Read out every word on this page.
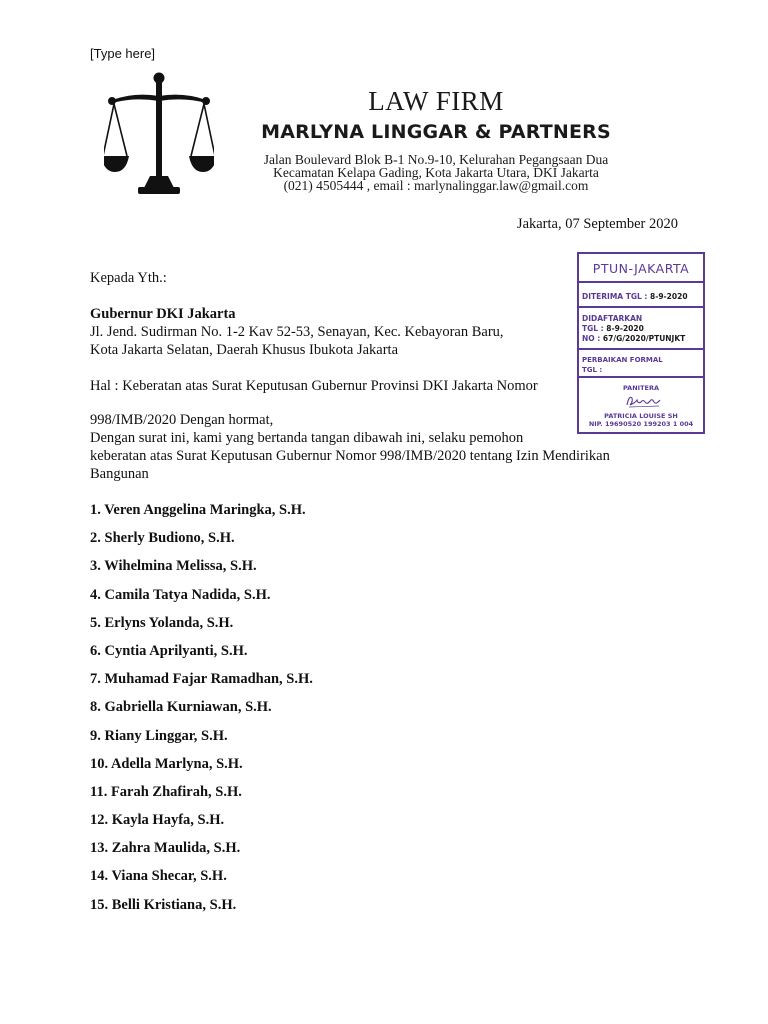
[Type here]
LAW FIRM
MARLYNA LINGGAR & PARTNERS
Jalan Boulevard Blok B-1 No.9-10, Kelurahan Pegangsaan Dua
Kecamatan Kelapa Gading, Kota Jakarta Utara, DKI Jakarta
(021) 4505444 , email : marlynalinggar.law@gmail.com
Jakarta, 07 September 2020
Kepada Yth.:
Gubernur DKI Jakarta
Jl. Jend. Sudirman No. 1-2 Kav 52-53, Senayan, Kec. Kebayoran Baru,
Kota Jakarta Selatan, Daerah Khusus Ibukota Jakarta
Hal : Keberatan atas Surat Keputusan Gubernur Provinsi DKI Jakarta Nomor
998/IMB/2020 Dengan hormat,
Dengan surat ini, kami yang bertanda tangan dibawah ini, selaku pemohon
keberatan atas Surat Keputusan Gubernur Nomor 998/IMB/2020 tentang Izin Mendirikan
Bangunan
PTUN-JAKARTA
DITERIMA TGL : 8-9-2020
DIDAFTARKAN
TGL : 8-9-2020
NO : 67/G/2020/PTUNJKT
PERBAIKAN FORMAL
TGL :
PANITERA
PATRICIA LOUISE SH
NIP. 19690520 199203 1 004
1. Veren Anggelina Maringka, S.H.
2. Sherly Budiono, S.H.
3. Wihelmina Melissa, S.H.
4. Camila Tatya Nadida, S.H.
5. Erlyns Yolanda, S.H.
6. Cyntia Aprilyanti, S.H.
7. Muhamad Fajar Ramadhan, S.H.
8. Gabriella Kurniawan, S.H.
9. Riany Linggar, S.H.
10. Adella Marlyna, S.H.
11. Farah Zhafirah, S.H.
12. Kayla Hayfa, S.H.
13. Zahra Maulida, S.H.
14. Viana Shecar, S.H.
15. Belli Kristiana, S.H.
